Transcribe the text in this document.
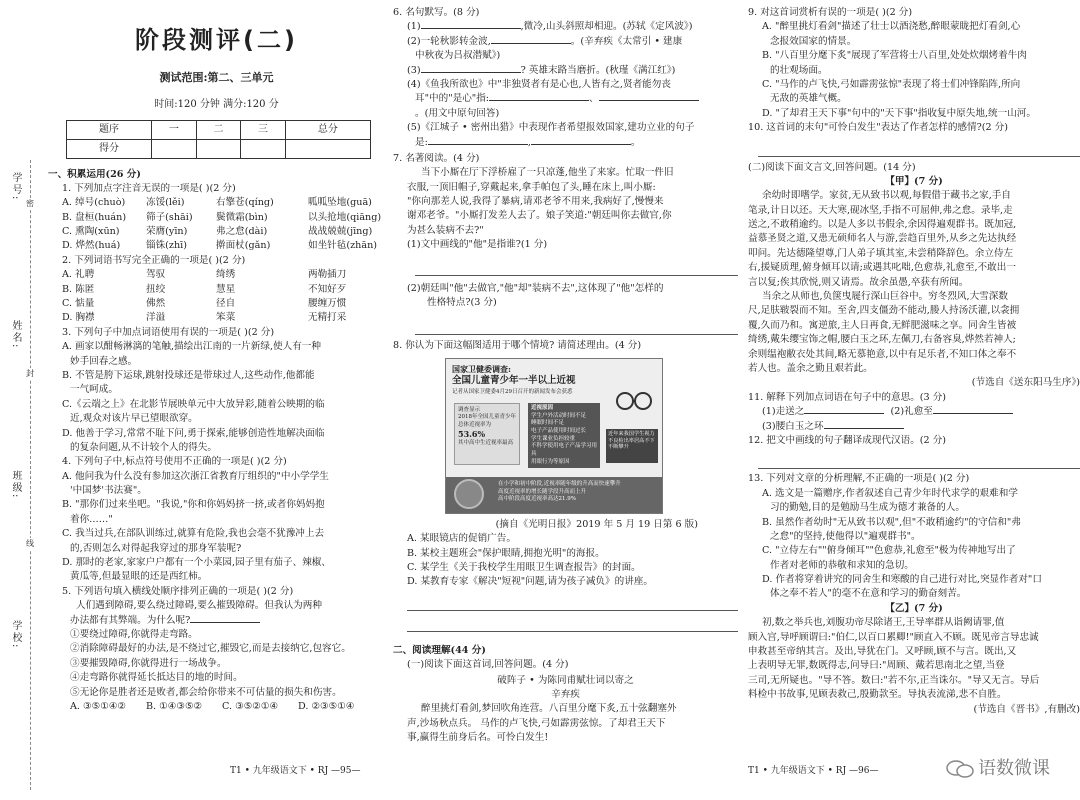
学号:
密
姓名:
封
班级:
线
学校:
阶段测评(二)
测试范围:第二、三单元
时间:120 分钟 满分:120 分
题序	一	二	三	总分
得分				
一、积累运用(26 分)
1. 下列加点字注音无误的一项是( )(2 分)
A. 绰号(chuò)	冻馁(lěi)	右擎苍(qíng)	呱呱坠地(guā)
B. 盘桓(huán)	筛子(shāi)	鬓微霜(bìn)	以头抢地(qiāng)
C. 熏陶(xūn)	荣膺(yīn)	弗之怠(dài)	战战兢兢(jīng)
D. 烨然(huá)	锱铢(zhī)	擀面杖(gǎn)	如坐针毡(zhān)
2. 下列词语书写完全正确的一项是( )(2 分)
A. 礼聘	驾驭	绮绣	两勒插刀
B. 陈匿	扭绞	慧星	不知好歹
C. 惦量	佛然	径自	腰缠万惯
D. 胸襟	洋溢	笨菜	无精打采
3. 下列句子中加点词语使用有误的一项是( )(2 分)
A. 画家以酣畅淋漓的笔触,描绘出江南的一片新绿,使人有一种
妙手回春之感。
B. 不管是胯下运球,跳射投球还是带球过人,这些动作,他都能
一气呵成。
C.《云端之上》在北影节展映单元中大放异彩,随着公映期的临
近,观众对该片早已望眼欲穿。
D. 他善于学习,常常不耻下问,勇于探索,能够创造性地解决面临
的复杂问题,从不计较个人的得失。
4. 下列句子中,标点符号使用不正确的一项是( )(2 分)
A. 他问我为什么没有参加这次浙江省教育厅组织的"中小学学生
'中国梦'书法赛"。
B. "那你们过来坐吧。"我说,"你和你妈妈挤一挤,或者你妈妈抱
着你……"
C. 我当过兵,在部队训练过,就算有危险,我也会毫不犹豫冲上去
的,否则怎么对得起我穿过的那身军装呢?
D. 那时的老家,家家户户都有一个小菜园,园子里有茄子、辣椒、
黄瓜等,但最显眼的还是西红柿。
5. 下列语句填入横线处顺序排列正确的一项是( )(2 分)
人们遇到障碍,要么绕过障碍,要么摧毁障碍。但我认为两种
办法都有其弊端。为什么呢?
①要绕过障碍,你就得走弯路。
②消除障碍最好的办法,是不绕过它,摧毁它,而是去接纳它,包容它。
③要摧毁障碍,你就得进行一场战争。
④走弯路你就得延长抵达目的地的时间。
⑤无论你是胜者还是败者,都会给你带来不可估量的损失和伤害。
A. ③⑤①④②	B. ①④③⑤②	C. ③⑤②①④	D. ②③⑤①④
T1 • 九年级语文下 • RJ —95—
6. 名句默写。(8 分)
(1)	,微冷,山头斜照却相迎。(苏轼《定风波》)
(2)一轮秋影转金波,	。(辛弃疾《太常引 • 建康
中秋夜为吕叔潜赋》)
(3)	? 英雄末路当磨折。(秋瑾《满江红》)
(4)《鱼我所欲也》中"非独贤者有是心也,人皆有之,贤者能勿丧
耳"中的"是心"指:	、
。(用文中原句回答)
(5)《江城子 • 密州出猎》中表现作者希望报效国家,建功立业的句子
是:	,	。
7. 名著阅读。(4 分)
当下小厮在厅下浮桥雇了一只凉蓬,他坐了来家。忙取一件旧
衣服,一顶旧帽子,穿戴起来,拿手帕包了头,睡在床上,叫小厮:
"你向那差人说,我得了暴病,请邓老爷不用来,我病好了,慢慢来
谢邓老爷。"小厮打发差人去了。娘子笑道:"朝廷叫你去做官,你
为甚么装病不去?"
(1)文中画线的"他"是指谁?(1 分)
(2)朝廷叫"他"去做官,"他"却"装病不去",这体现了"他"怎样的
性格特点?(3 分)
8. 你认为下面这幅图适用于哪个情境? 请简述理由。(4 分)
国家卫健委调查:
全国儿童青少年一半以上近视
记者从国家卫健委4月29日召开的新闻发布会获悉
调查显示
2018年全国儿童青少年
总体近视率为
53.6%
其中高中生近视率最高
近视原因
学生户外活动时间不足
睡眠时间不足
电子产品使用时间过长
学生课业负担较重
不科学使用电子产品学习用具
用眼行为等原因
近年来我国学生视力不良检出率居高不下不断攀升
在小学和初中阶段,近视率随年级的升高而快速攀升
高度近视率的增长随学段升高而上升
高中阶段高度近视率高达21.9%
(摘自《光明日报》2019 年 5 月 19 日第 6 版)
A. 某眼镜店的促销广告。
B. 某校主题班会"保护眼睛,拥抱光明"的海报。
C. 某学生《关于我校学生用眼卫生调查报告》的封面。
D. 某教育专家《解决"短视"问题,请为孩子减负》的讲座。
二、阅读理解(44 分)
(一)阅读下面这首词,回答问题。(4 分)
破阵子 • 为陈同甫赋壮词以寄之
辛弃疾
醉里挑灯看剑,梦回吹角连营。八百里分麾下炙,五十弦翻塞外
声,沙场秋点兵。 马作的卢飞快,弓如霹雳弦惊。了却君王天下
事,赢得生前身后名。可怜白发生!
9. 对这首词赏析有误的一项是( )(2 分)
A. "醉里挑灯看剑"描述了壮士以酒浇愁,醉眼蒙眬把灯看剑,心
念报效国家的情景。
B. "八百里分麾下炙"展现了军营将士八百里,处处炊烟烤着牛肉
的壮观场面。
C. "马作的卢飞快,弓如霹雳弦惊"表现了将士们冲锋陷阵,所向
无敌的英雄气概。
D. "了却君王天下事"句中的"天下事"指收复中原失地,统一山河。
10. 这首词的末句"可怜白发生"表达了作者怎样的感情?(2 分)
(二)阅读下面文言文,回答问题。(14 分)
【甲】(7 分)
余幼时即嗜学。家贫,无从致书以观,每假借于藏书之家,手自
笔录,计日以还。天大寒,砚冰坚,手指不可屈伸,弗之怠。录毕,走
送之,不敢稍逾约。以是人多以书假余,余因得遍观群书。既加冠,
益慕圣贤之道,又患无硕师名人与游,尝趋百里外,从乡之先达执经
叩问。先达德隆望尊,门人弟子填其室,未尝稍降辞色。余立侍左
右,援疑质理,俯身倾耳以请;或遇其叱咄,色愈恭,礼愈至,不敢出一
言以复;俟其欣悦,则又请焉。故余虽愚,卒获有所闻。
当余之从师也,负箧曳屣行深山巨谷中。穷冬烈风,大雪深数
尺,足肤皲裂而不知。至舍,四支僵劲不能动,媵人持汤沃灌,以衾拥
覆,久而乃和。寓逆旅,主人日再食,无鲜肥滋味之享。同舍生皆被
绮绣,戴朱缨宝饰之帽,腰白玉之环,左佩刀,右备容臭,烨然若神人;
余则缊袍敝衣处其间,略无慕艳意,以中有足乐者,不知口体之奉不
若人也。盖余之勤且艰若此。
(节选自《送东阳马生序》)
11. 解释下列加点词语在句子中的意思。(3 分)
(1)走送之	(2)礼愈至
(3)腰白玉之环
12. 把文中画线的句子翻译成现代汉语。(2 分)
13. 下列对文章的分析理解,不正确的一项是( )(2 分)
A. 选文是一篇赠序,作者叙述自己青少年时代求学的艰难和学
习的勤勉,目的是勉励马生成为德才兼备的人。
B. 虽然作者幼时"无从致书以观",但"不敢稍逾约"的守信和"弗
之怠"的坚持,使他得以"遍观群书"。
C. "立侍左右""俯身倾耳""色愈恭,礼愈至"极为传神地写出了
作者对老师的恭敬和求知的急切。
D. 作者将穿着讲究的同舍生和寒酸的自己进行对比,突显作者对"口
体之奉不若人"的毫不在意和学习的勤奋刻苦。
【乙】(7 分)
初,数之举兵也,刘腹功帝尽除诸王,王导率群从诣阙请罪,值
顾入宫,导呼顾谓曰:"伯仁,以百口累卿!"顾直入不顾。既见帝言导忠诚
申救甚至帝纳其言。及出,导犹在门。又呼顾,顾不与言。既出,又
上表明导无罪,数既得志,问导曰:"周顾、戴若思南北之望,当登
三司,无所疑也。"导不答。数曰:"若不尔,正当诛尔。"导又无言。导后
料检中书故事,见顾表救己,殷勤款至。导执表流涕,悲不自胜。
(节选自《晋书》,有删改)
T1 • 九年级语文下 • RJ —96—	语数微课
